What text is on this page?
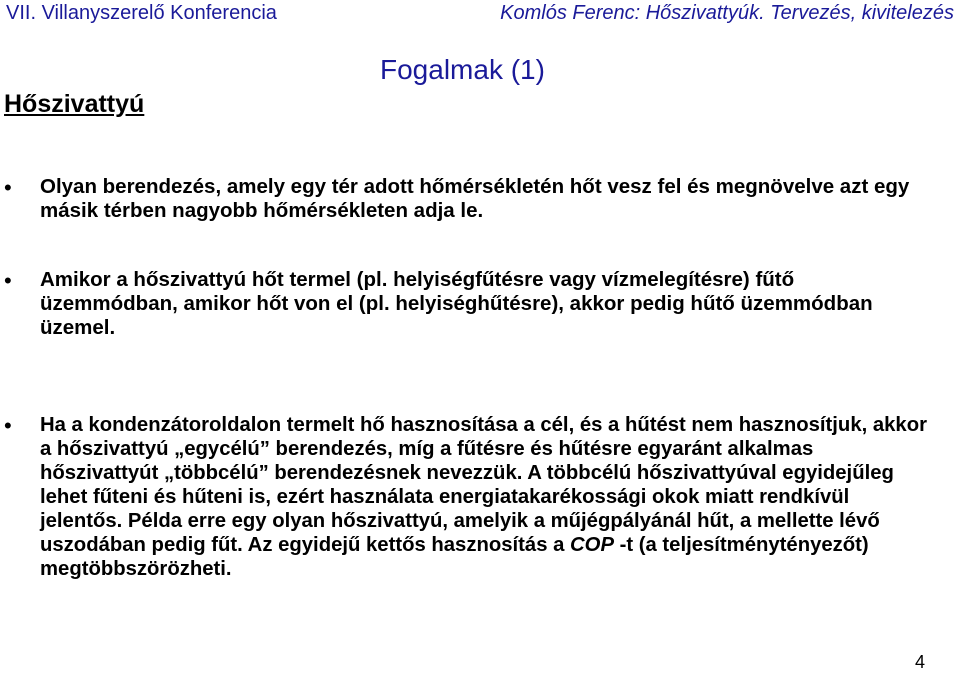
VII. Villanyszerelő Konferencia	Komlós Ferenc: Hőszivattyúk. Tervezés, kivitelezés
Fogalmak (1)
Hőszivattyú
• Olyan berendezés, amely egy tér adott hőmérsékletén hőt vesz fel és megnövelve azt egy másik térben nagyobb hőmérsékleten adja le.
• Amikor a hőszivattyú hőt termel (pl. helyiségfűtésre vagy vízmelegítésre) fűtő üzemmódban, amikor hőt von el (pl. helyiséghűtésre), akkor pedig hűtő üzemmódban üzemel.
• Ha a kondenzátoroldalon termelt hő hasznosítása a cél, és a hűtést nem hasznosítjuk, akkor a hőszivattyú „egycélú” berendezés, míg a fűtésre és hűtésre egyaránt alkalmas hőszivattyút „többcélú” berendezésnek nevezzük. A többcélú hőszivattyúval egyidejűleg lehet fűteni és hűteni is, ezért használata energiatakarékossági okok miatt rendkívül jelentős. Példa erre egy olyan hőszivattyú, amelyik a műjégpályánál hűt, a mellette lévő uszodában pedig fűt. Az egyidejű kettős hasznosítás a COP -t (a teljesítménytényezőt) megtöbbszörözheti.
4
